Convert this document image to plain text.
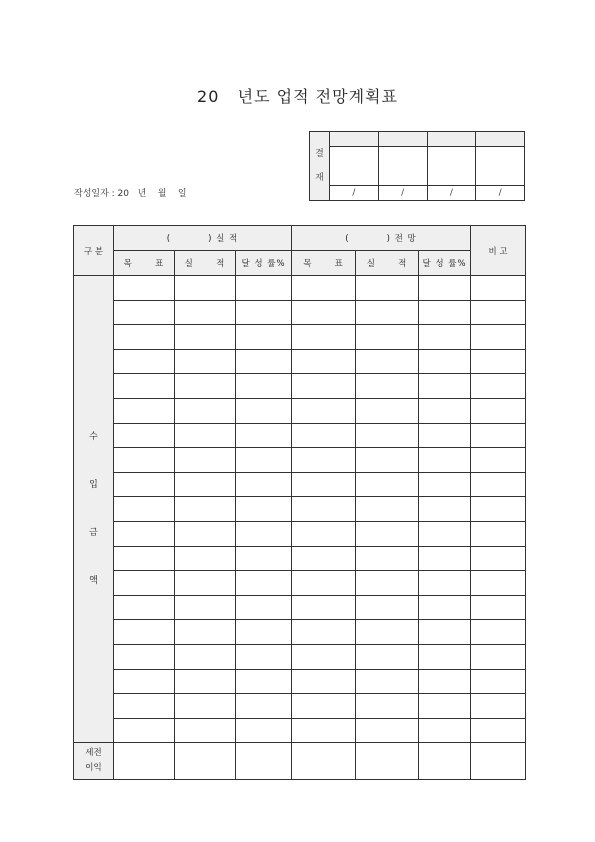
20 년도 업적 전망계획표
결
재				

	/	/	/	/
작성일자 : 20   년    월    일
구 분	(          ) 실 적			(          ) 전 망			비 고
	목      표	실      적	달 성 률%	목      표	실      적	달 성 률%	

수
입
금
액							

세전
이익							
